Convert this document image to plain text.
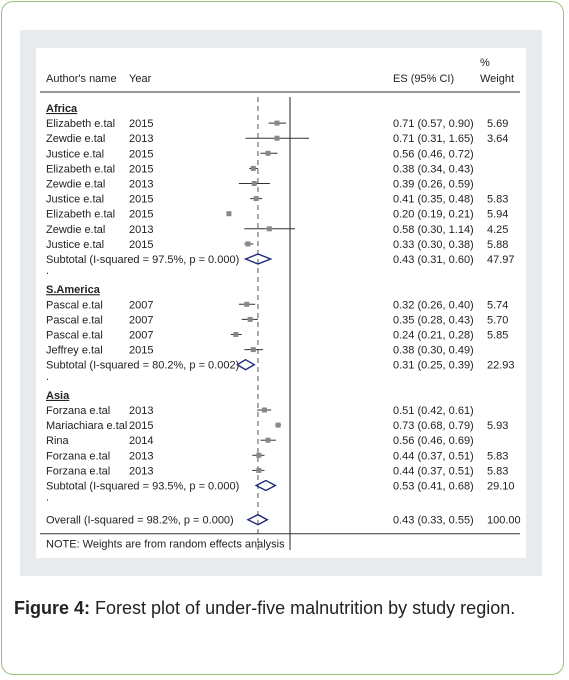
Author's name Year	ES (95% CI)
%
Weight
Africa
Elizabeth e.tal 2015	0.71 (0.57, 0.90) 5.69
Zewdie e.tal 2013	0.71 (0.31, 1.65) 3.64
Justice e.tal 2015	0.56 (0.46, 0.72)
Elizabeth e.tal 2015	0.38 (0.34, 0.43)
Zewdie e.tal 2013	0.39 (0.26, 0.59)
Justice e.tal 2015	0.41 (0.35, 0.48) 5.83
Elizabeth e.tal 2015	0.20 (0.19, 0.21) 5.94
Zewdie e.tal 2013	0.58 (0.30, 1.14) 4.25
Justice e.tal 2015	0.33 (0.30, 0.38) 5.88
Subtotal (I-squared = 97.5%, p = 0.000)	0.43 (0.31, 0.60) 47.97
.
S.America
Pascal e.tal 2007	0.32 (0.26, 0.40) 5.74
Pascal e.tal 2007	0.35 (0.28, 0.43) 5.70
Pascal e.tal 2007	0.24 (0.21, 0.28) 5.85
Jeffrey e.tal 2015	0.38 (0.30, 0.49)
Subtotal (I-squared = 80.2%, p = 0.002)	0.31 (0.25, 0.39) 22.93
.
Asia
Forzana e.tal 2013	0.51 (0.42, 0.61)
Mariachiara e.tal 2015	0.73 (0.68, 0.79) 5.93
Rina	2014	0.56 (0.46, 0.69)
Forzana e.tal 2013	0.44 (0.37, 0.51) 5.83
Forzana e.tal 2013	0.44 (0.37, 0.51) 5.83
Subtotal (I-squared = 93.5%, p = 0.000)	0.53 (0.41, 0.68) 29.10
.
Overall (I-squared = 98.2%, p = 0.000)	0.43 (0.33, 0.55) 100.00
NOTE: Weights are from random effects analysis
Figure 4: Forest plot of under-five malnutrition by study region.
